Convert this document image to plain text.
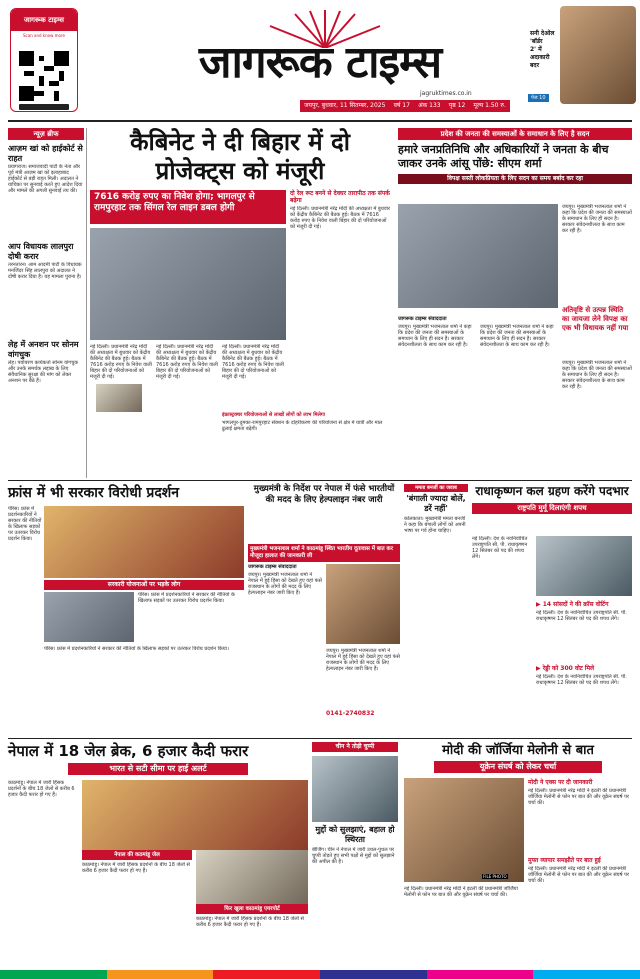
जागरूक टाइम्स
Scan and know more
जागरूक टाइम्स
jagruktimes.co.in
जयपुर, बुधवार, 11 सितम्बर, 2025 वर्ष 17 अंक 133 पृष्ठ 12 मूल्य 1.50 रु.
सनी देओल
'बॉर्डर
2' में
अदाकारी
बदर
पेज 10
न्यूज़ ब्रीफ
आज़म खां को हाईकोर्ट से राहत
प्रयागराज। समाजवादी पार्टी के नेता और पूर्व मंत्री आज़म खां को इलाहाबाद हाईकोर्ट से बड़ी राहत मिली। अदालत ने याचिका पर सुनवाई करते हुए आदेश दिया और मामले की अगली सुनवाई तय की।
आप विधायक लालपुरा दोषी करार
तरनतारन। आम आदमी पार्टी के विधायक मनजिंदर सिंह लालपुरा को अदालत ने दोषी करार दिया है। यह मामला पुराना है।
लेह में अनशन पर सोनम वांगचुक
लेह। पर्यावरण कार्यकर्ता सोनम वांगचुक और उनके समर्थक लद्दाख के लिए संवैधानिक सुरक्षा की मांग को लेकर अनशन पर बैठे हैं।
कैबिनेट ने दी बिहार में दो प्रोजेक्ट्स को मंजूरी
7616 करोड़ रुपए का निवेश होगा; भागलपुर से रामपुरहाट तक सिंगल रेल लाइन डबल होगी
दो रेल रूट बनने से देवघर तारापीठ तक संपर्क बढ़ेगा
नई दिल्ली। प्रधानमंत्री नरेंद्र मोदी की अध्यक्षता में बुधवार को केंद्रीय कैबिनेट की बैठक हुई। बैठक में 7616 करोड़ रुपए के निवेश वाली बिहार की दो परियोजनाओं को मंजूरी दी गई।
नई दिल्ली। प्रधानमंत्री नरेंद्र मोदी की अध्यक्षता में बुधवार को केंद्रीय कैबिनेट की बैठक हुई। बैठक में 7616 करोड़ रुपए के निवेश वाली बिहार की दो परियोजनाओं को मंजूरी दी गई।
नई दिल्ली। प्रधानमंत्री नरेंद्र मोदी की अध्यक्षता में बुधवार को केंद्रीय कैबिनेट की बैठक हुई। बैठक में 7616 करोड़ रुपए के निवेश वाली बिहार की दो परियोजनाओं को मंजूरी दी गई।
नई दिल्ली। प्रधानमंत्री नरेंद्र मोदी की अध्यक्षता में बुधवार को केंद्रीय कैबिनेट की बैठक हुई। बैठक में 7616 करोड़ रुपए के निवेश वाली बिहार की दो परियोजनाओं को मंजूरी दी गई।
इंफ्रास्ट्रक्चर परियोजनाओं से लाखों लोगों को लाभ मिलेगा
भागलपुर-दुमका-रामपुरहाट सेक्शन के दोहरीकरण की परियोजना से क्षेत्र में यात्री और माल ढुलाई क्षमता बढ़ेगी।
प्रदेश की जनता की समस्याओं के समाधान के लिए है सदन
हमारे जनप्रतिनिधि और अधिकारियों ने जनता के बीच जाकर उनके आंसू पोंछे: सीएम शर्मा
विपक्ष सस्ती लोकप्रियता के लिए सदन का समय बर्बाद कर रहा
जयपुर। मुख्यमंत्री भजनलाल शर्मा ने कहा कि प्रदेश की जनता की समस्याओं के समाधान के लिए ही सदन है। सरकार संवेदनशीलता के साथ काम कर रही है।
अतिवृष्टि से उत्पन्न स्थिति का जायजा लेने विपक्ष का एक भी विधायक नहीं गया
जागरूक टाइम्स संवाददाता
जयपुर। मुख्यमंत्री भजनलाल शर्मा ने कहा कि प्रदेश की जनता की समस्याओं के समाधान के लिए ही सदन है। सरकार संवेदनशीलता के साथ काम कर रही है।
जयपुर। मुख्यमंत्री भजनलाल शर्मा ने कहा कि प्रदेश की जनता की समस्याओं के समाधान के लिए ही सदन है। सरकार संवेदनशीलता के साथ काम कर रही है।
जयपुर। मुख्यमंत्री भजनलाल शर्मा ने कहा कि प्रदेश की जनता की समस्याओं के समाधान के लिए ही सदन है। सरकार संवेदनशीलता के साथ काम कर रही है।
फ्रांस में भी सरकार विरोधी प्रदर्शन
पेरिस। फ्रांस में प्रदर्शनकारियों ने सरकार की नीतियों के खिलाफ सड़कों पर उतरकर विरोध प्रदर्शन किया।
सरकारी योजनाओं पर भड़के लोग
पेरिस। फ्रांस में प्रदर्शनकारियों ने सरकार की नीतियों के खिलाफ सड़कों पर उतरकर विरोध प्रदर्शन किया।
पेरिस। फ्रांस में प्रदर्शनकारियों ने सरकार की नीतियों के खिलाफ सड़कों पर उतरकर विरोध प्रदर्शन किया।
मुख्यमंत्री के निर्देश पर नेपाल में फंसे भारतीयों की मदद के लिए हेल्पलाइन नंबर जारी
मुख्यमंत्री भजनलाल शर्मा ने काठमांडू स्थित भारतीय दूतावास में बात कर मौजूदा हालात की जानकारी ली
जागरूक टाइम्स संवाददाता
जयपुर। मुख्यमंत्री भजनलाल शर्मा ने नेपाल में हुई हिंसा को देखते हुए वहां फंसे राजस्थान के लोगों की मदद के लिए हेल्पलाइन नंबर जारी किए हैं।
जयपुर। मुख्यमंत्री भजनलाल शर्मा ने नेपाल में हुई हिंसा को देखते हुए वहां फंसे राजस्थान के लोगों की मदद के लिए हेल्पलाइन नंबर जारी किए हैं।
0141-2740832
ममता बनर्जी का जवाब
'बंगाली ज्यादा बोलें, डरें नहीं'
कोलकाता। मुख्यमंत्री ममता बनर्जी ने कहा कि बंगाली लोगों को अपनी भाषा पर गर्व होना चाहिए।
राधाकृष्णन कल ग्रहण करेंगे पदभार
राष्ट्रपति मुर्मू दिलाएंगी शपथ
नई दिल्ली। देश के नवनिर्वाचित उपराष्ट्रपति सी. पी. राधाकृष्णन 12 सितंबर को पद की शपथ लेंगे।
▶ 14 सांसदों ने की क्रॉस वोटिंग
नई दिल्ली। देश के नवनिर्वाचित उपराष्ट्रपति सी. पी. राधाकृष्णन 12 सितंबर को पद की शपथ लेंगे।
▶ रेड्डी को 300 वोट मिले
नई दिल्ली। देश के नवनिर्वाचित उपराष्ट्रपति सी. पी. राधाकृष्णन 12 सितंबर को पद की शपथ लेंगे।
नेपाल में 18 जेल ब्रेक, 6 हजार कैदी फरार
भारत से सटी सीमा पर हाई अलर्ट
काठमांडू। नेपाल में जारी हिंसक प्रदर्शनों के बीच 18 जेलों से करीब 6 हजार कैदी फरार हो गए हैं।
नेपाल की कठमांडू जेल
काठमांडू। नेपाल में जारी हिंसक प्रदर्शनों के बीच 18 जेलों से करीब 6 हजार कैदी फरार हो गए हैं।
फिर खुला काठमांडू एयरपोर्ट
काठमांडू। नेपाल में जारी हिंसक प्रदर्शनों के बीच 18 जेलों से करीब 6 हजार कैदी फरार हो गए हैं।
चीन ने तोड़ी चुप्पी
मुद्दों को सुलझाएं, बहाल हो स्थिरता
बीजिंग। चीन ने नेपाल में जारी उथल-पुथल पर चुप्पी तोड़ते हुए सभी पक्षों से मुद्दों को सुलझाने की अपील की है।
मोदी की जॉर्जिया मेलोनी से बात
यूक्रेन संघर्ष को लेकर चर्चा
FILE PHOTO
मोदी ने एक्स पर दी जानकारी
नई दिल्ली। प्रधानमंत्री नरेंद्र मोदी ने इटली की प्रधानमंत्री जॉर्जिया मेलोनी से फोन पर बात की और यूक्रेन संघर्ष पर चर्चा की।
मुफ्त व्यापार समझौते पर बात हुई
नई दिल्ली। प्रधानमंत्री नरेंद्र मोदी ने इटली की प्रधानमंत्री जॉर्जिया मेलोनी से फोन पर बात की और यूक्रेन संघर्ष पर चर्चा की।
नई दिल्ली। प्रधानमंत्री नरेंद्र मोदी ने इटली की प्रधानमंत्री जॉर्जिया मेलोनी से फोन पर बात की और यूक्रेन संघर्ष पर चर्चा की।
